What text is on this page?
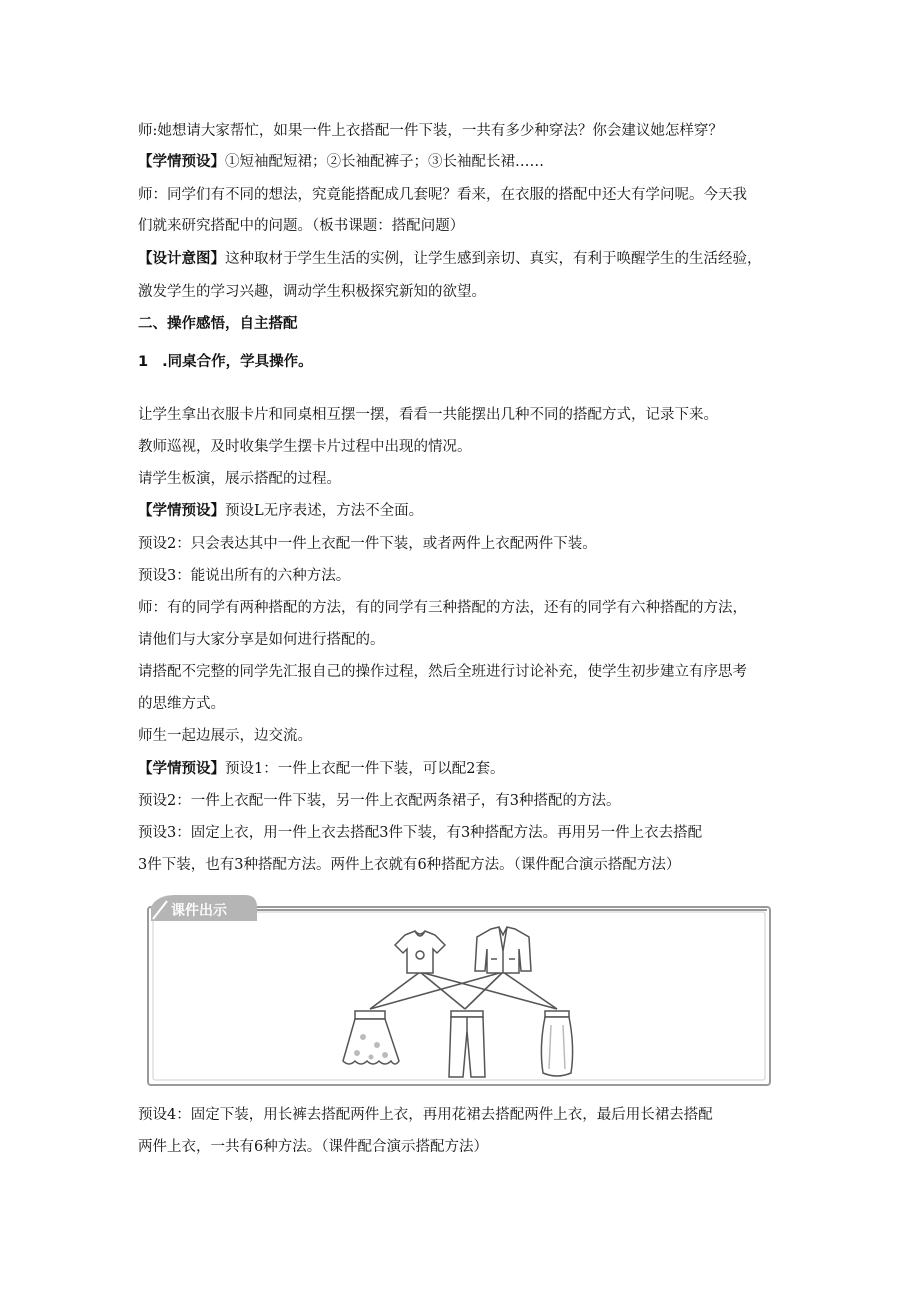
师:她想请大家帮忙，如果一件上衣搭配一件下装，一共有多少种穿法？你会建议她怎样穿？
【学情预设】①短袖配短裙；②长袖配裤子；③长袖配长裙……
师：同学们有不同的想法，究竟能搭配成几套呢？看来，在衣服的搭配中还大有学问呢。今天我
们就来研究搭配中的问题。（板书课题：搭配问题）
【设计意图】这种取材于学生生活的实例，让学生感到亲切、真实，有利于唤醒学生的生活经验，
激发学生的学习兴趣，调动学生积极探究新知的欲望。
二、操作感悟，自主搭配
1 .同桌合作，学具操作。
让学生拿出衣服卡片和同桌相互摆一摆，看看一共能摆出几种不同的搭配方式，记录下来。
教师巡视，及时收集学生摆卡片过程中出现的情况。
请学生板演，展示搭配的过程。
【学情预设】预设L无序表述，方法不全面。
预设2：只会表达其中一件上衣配一件下装，或者两件上衣配两件下装。
预设3：能说出所有的六种方法。
师：有的同学有两种搭配的方法，有的同学有三种搭配的方法，还有的同学有六种搭配的方法，
请他们与大家分享是如何进行搭配的。
请搭配不完整的同学先汇报自己的操作过程，然后全班进行讨论补充，使学生初步建立有序思考
的思维方式。
师生一起边展示，边交流。
【学情预设】预设1：一件上衣配一件下装，可以配2套。
预设2：一件上衣配一件下装，另一件上衣配两条裙子，有3种搭配的方法。
预设3：固定上衣，用一件上衣去搭配3件下装，有3种搭配方法。再用另一件上衣去搭配
3件下装，也有3种搭配方法。两件上衣就有6种搭配方法。（课件配合演示搭配方法）
课件出示
预设4：固定下装，用长裤去搭配两件上衣，再用花裙去搭配两件上衣，最后用长裙去搭配
两件上衣，一共有6种方法。（课件配合演示搭配方法）
